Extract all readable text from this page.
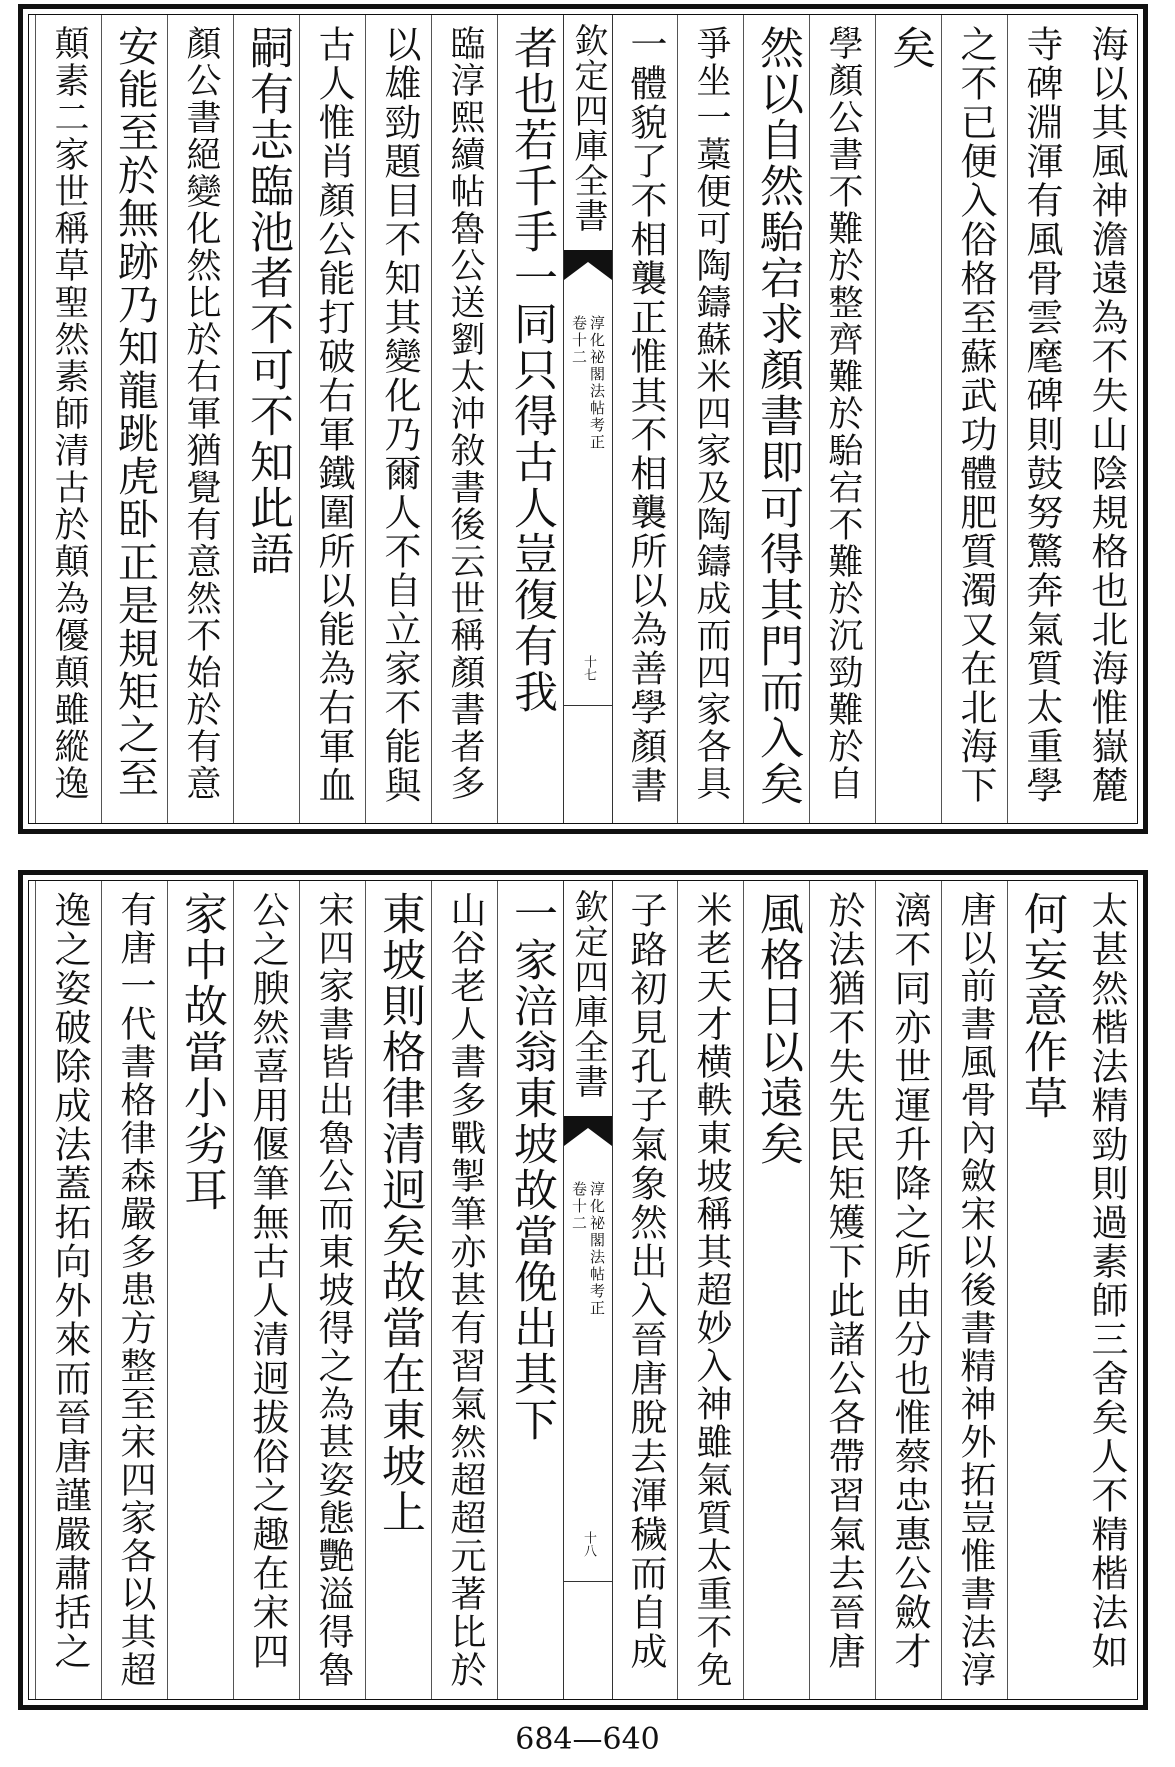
海以其風神澹遠為不失山陰規格也北海惟嶽麓
寺碑淵渾有風骨雲麾碑則鼓努驚奔氣質太重學
之不已便入俗格至蘇武功體肥質濁又在北海下
矣
學顏公書不難於整齊難於駘宕不難於沉勁難於自
然以自然駘宕求顏書即可得其門而入矣
爭坐一藁便可陶鑄蘇米四家及陶鑄成而四家各具
一體貌了不相襲正惟其不相襲所以為善學顏書
欽定四庫全書
淳化祕閣法帖考正
卷十二
十七
者也若千手一同只得古人豈復有我
臨淳熙續帖魯公送劉太沖敘書後云世稱顏書者多
以雄勁題目不知其變化乃爾人不自立家不能與
古人惟肖顏公能打破右軍鐵圍所以能為右軍血
嗣有志臨池者不可不知此語
顏公書絕變化然比於右軍猶覺有意然不始於有意
安能至於無跡乃知龍跳虎卧正是規矩之至
顛素二家世稱草聖然素師清古於顛為優顛雖縱逸
太甚然楷法精勁則過素師三舍矣人不精楷法如
何妄意作草
唐以前書風骨內斂宋以後書精神外拓豈惟書法淳
漓不同亦世運升降之所由分也惟蔡忠惠公斂才
於法猶不失先民矩矱下此諸公各帶習氣去晉唐
風格日以遠矣
米老天才横軼東坡稱其超妙入神雖氣質太重不免
子路初見孔子氣象然出入晉唐脫去渾穢而自成
欽定四庫全書
淳化祕閣法帖考正
卷十二
十八
一家涪翁東坡故當俛出其下
山谷老人書多戰掣筆亦甚有習氣然超超元著比於
東坡則格律清迥矣故當在東坡上
宋四家書皆出魯公而東坡得之為甚姿態艷溢得魯
公之腴然喜用偃筆無古人清迥拔俗之趣在宋四
家中故當小劣耳
有唐一代書格律森嚴多患方整至宋四家各以其超
逸之姿破除成法蓋拓向外來而晉唐謹嚴肅括之
684—640
